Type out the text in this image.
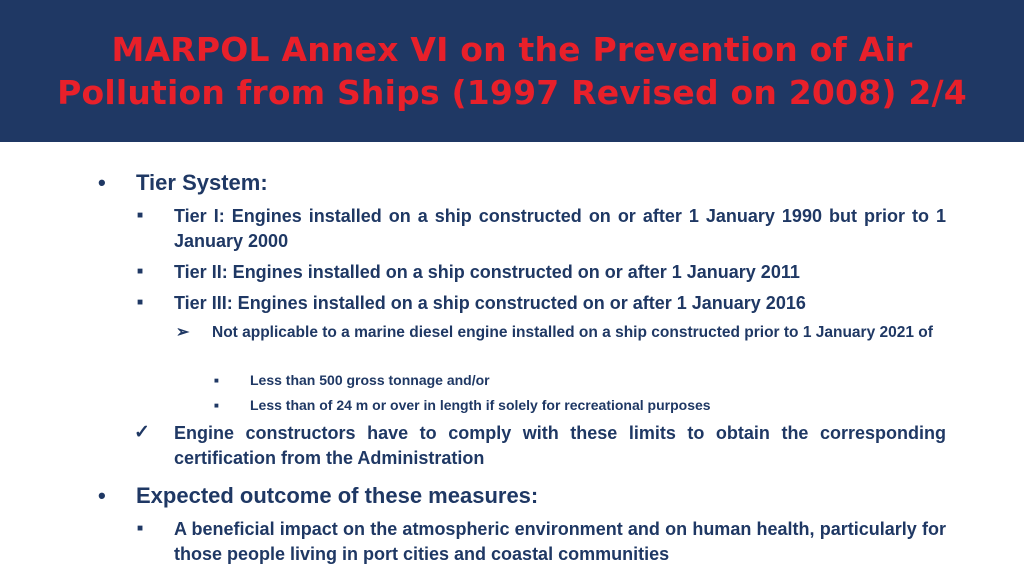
MARPOL Annex VI on the Prevention of Air
Pollution from Ships (1997 Revised on 2008) 2/4
• Tier System:
■ Tier I: Engines installed on a ship constructed on or after 1 January 1990 but prior to 1 January 2000
■ Tier II: Engines installed on a ship constructed on or after 1 January 2011
■ Tier III: Engines installed on a ship constructed on or after 1 January 2016
➢ Not applicable to a marine diesel engine installed on a ship constructed prior to 1 January 2021 of
■ Less than 500 gross tonnage and/or
■ Less than of 24 m or over in length if solely for recreational purposes
✓ Engine constructors have to comply with these limits to obtain the corresponding certification from the Administration
• Expected outcome of these measures:
■ A beneficial impact on the atmospheric environment and on human health, particularly for those people living in port cities and coastal communities
